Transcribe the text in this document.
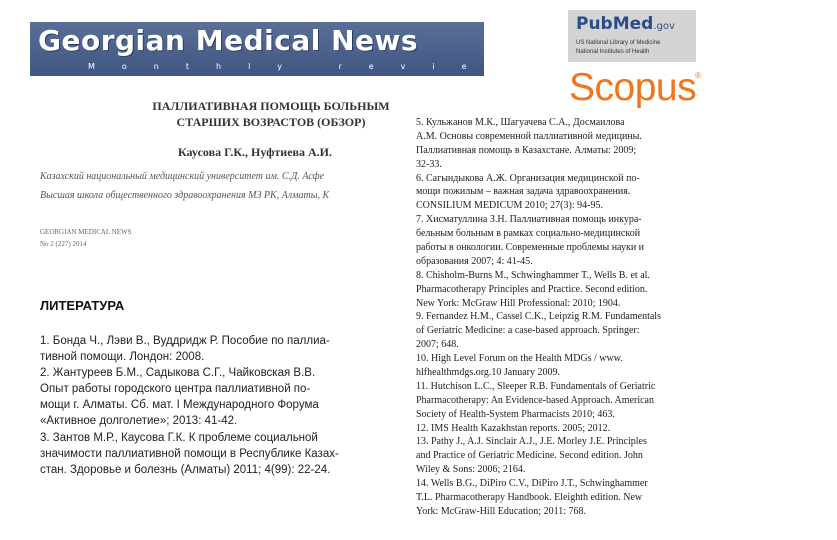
Georgian Medical News
Monthly reviewed journal
PubMed.gov
US National Library of Medicine
National Institutes of Health
Scopus
®
ПАЛЛИАТИВНАЯ ПОМОЩЬ БОЛЬНЫМ
СТАРШИХ ВОЗРАСТОВ (ОБЗОР)
Каусова Г.К., Нуфтиева А.И.
Казахский национальный медицинский университет им. С.Д. Асфе
Высшая школа общественного здравоохранения МЗ РК, Алматы, К
GEORGIAN MEDICAL NEWS
No 2 (227) 2014
ЛИТЕРАТУРА
1. Бонда Ч., Лэви В., Вуддридж Р. Пособие по паллиа-
тивной помощи. Лондон: 2008.
2. Жантуреев Б.М., Садыкова С.Г., Чайковская В.В.
Опыт работы городского центра паллиативной по-
мощи г. Алматы. Сб. мат. I Международного Форума
«Активное долголетие»; 2013: 41-42.
3. Зантов М.Р., Каусова Г.К. К проблеме социальной
значимости паллиативной помощи в Республике Казах-
стан. Здоровье и болезнь (Алматы) 2011; 4(99): 22-24.
5. Кульжанов М.К., Шагуачева С.А., Досмаилова
А.М. Основы современной паллиативной медицины.
Паллиативная помощь в Казахстане. Алматы: 2009;
32-33.
6. Сагындыкова А.Ж. Организация медицинской по-
мощи пожилым – важная задача здравоохранения.
CONSILIUM MEDICUM 2010; 27(3): 94-95.
7. Хисматуллина З.Н. Паллиативная помощь инкура-
бельным больным в рамках социально-медицинской
работы в онкологии. Современные проблемы науки и
образования 2007; 4: 41-45.
8. Chisholm-Burns M., Schwinghammer T., Wells B. et al.
Pharmacotherapy Principles and Practice. Second edition.
New York: McGraw Hill Professional: 2010; 1904.
9. Fernandez H.M., Cassel C.K., Leipzig R.M. Fundamentals
of Geriatric Medicine: a case-based approach. Springer:
2007; 648.
10. High Level Forum on the Health MDGs / www.
hlfhealthmdgs.org.10 January 2009.
11. Hutchison L.C., Sleeper R.B. Fundamentals of Geriatric
Pharmacotherapy: An Evidence-based Approach. American
Society of Health-System Pharmacists 2010; 463.
12. IMS Health Kazakhstan reports. 2005; 2012.
13. Pathy J., A.J. Sinclair A.J., J.E. Morley J.E. Principles
and Practice of Geriatric Medicine. Second edition. John
Wiley & Sons: 2006; 2164.
14. Wells B.G., DiPiro C.V., DiPiro J.T., Schwinghammer
T.L. Pharmacotherapy Handbook. Eleighth edition. New
York: McGraw-Hill Education; 2011: 768.
